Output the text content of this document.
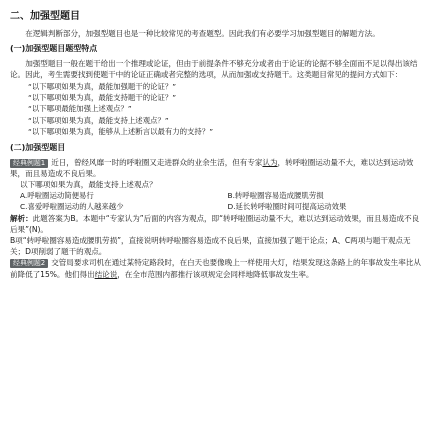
二、加强型题目

在逻辑判断部分，加强型题目也是一种比较常见的考查题型。因此我们有必要学习加强型题目的解题方法。

(一)加强型题目题型特点

加强型题目一般在题干给出一个推理或论证，但由于前提条件不够充分或者由于论证的论据不够全面而不足以得出该结论。因此，考生需要找到使题干中的论证正确或者完整的选项，从而加强或支持题干。这类题目常见的提问方式如下：

“以下哪项如果为真，最能加强题干的论证？”
“以下哪项如果为真，最能支持题干的论证？”
“以下哪项最能加强上述观点？”
“以下哪项如果为真，最能支持上述观点？”
“以下哪项如果为真，能够从上述断言以最有力的支持？”
(二)加强型题目

经典例题1 近日，曾经风靡一时的呼啦圈又走进群众的业余生活，但有专家认为，转呼啦圈运动量不大，难以达到运动效果，而且易造成不良后果。

以下哪项如果为真，最能支持上述观点？

A.呼啦圈运动简便易行	B.转呼啦圈容易造成腰肌劳损
C.喜爱呼啦圈运动的人越来越少	D.延长转呼啦圈时间可提高运动效果

解析：此题答案为B。本题中“专家认为”后面的内容为观点，即“转呼啦圈运动量不大，难以达到运动效果，而且易造成不良后果”(N)。

B项“转呼啦圈容易造成腰肌劳损”，直接说明转呼啦圈容易造成不良后果，直接加强了题干论点；A、C两项与题干观点无关；D项削弱了题干的观点。

经典例题2 交管局要求司机在通过某特定路段时，在白天也要像晚上一样使用大灯，结果发现这条路上的年事故发生率比从前降低了15%。他们得出结论说，在全市范围内都推行该项规定会同样地降低事故发生率。
